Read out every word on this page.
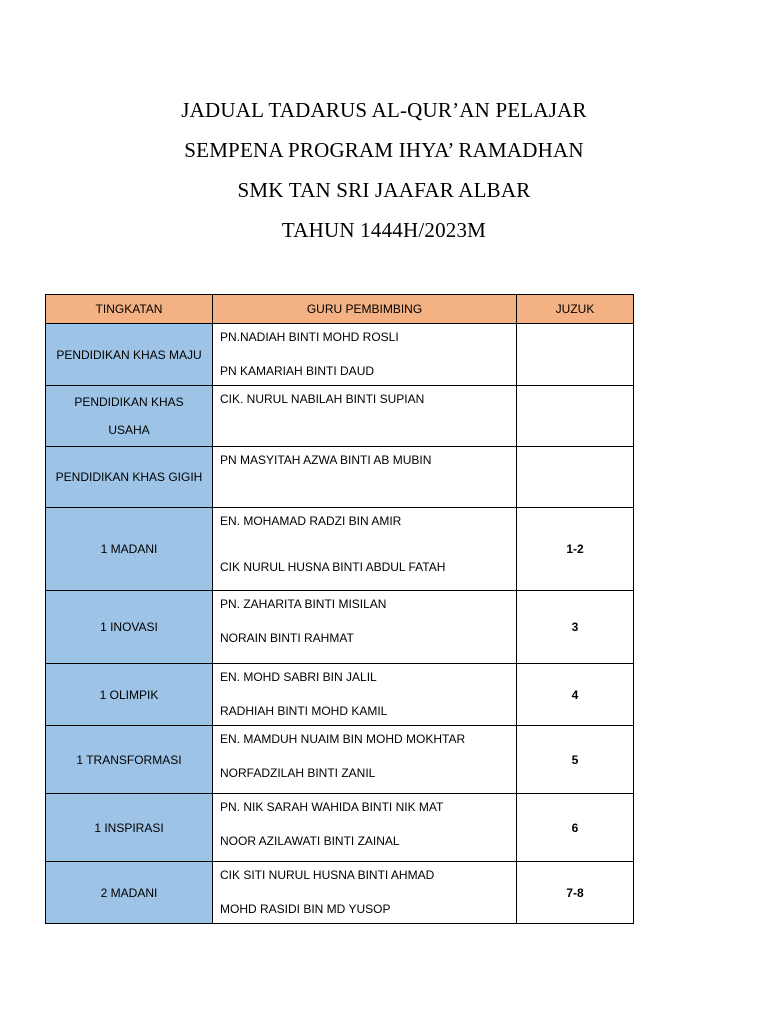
JADUAL TADARUS AL-QUR’AN PELAJAR
SEMPENA PROGRAM IHYA’ RAMADHAN
SMK TAN SRI JAAFAR ALBAR
TAHUN 1444H/2023M
TINGKATAN	GURU PEMBIMBING	JUZUK
PENDIDIKAN KHAS MAJU	PN.NADIAH BINTI MOHD ROSLI
PN KAMARIAH BINTI DAUD	

PENDIDIKAN KHAS USAHA	CIK. NURUL NABILAH BINTI SUPIAN	

PENDIDIKAN KHAS GIGIH	PN MASYITAH AZWA BINTI AB MUBIN	

1 MADANI	EN. MOHAMAD RADZI BIN AMIR
CIK NURUL HUSNA BINTI ABDUL FATAH	1-2
1 INOVASI	PN. ZAHARITA BINTI MISILAN
NORAIN BINTI RAHMAT	3
1 OLIMPIK	EN. MOHD SABRI BIN JALIL
RADHIAH BINTI MOHD KAMIL	4
1 TRANSFORMASI	EN. MAMDUH NUAIM BIN MOHD MOKHTAR
NORFADZILAH BINTI ZANIL	5
1 INSPIRASI	PN. NIK SARAH WAHIDA BINTI NIK MAT
NOOR AZILAWATI BINTI ZAINAL	6
2 MADANI	CIK SITI NURUL HUSNA BINTI AHMAD
MOHD RASIDI BIN MD YUSOP	7-8
